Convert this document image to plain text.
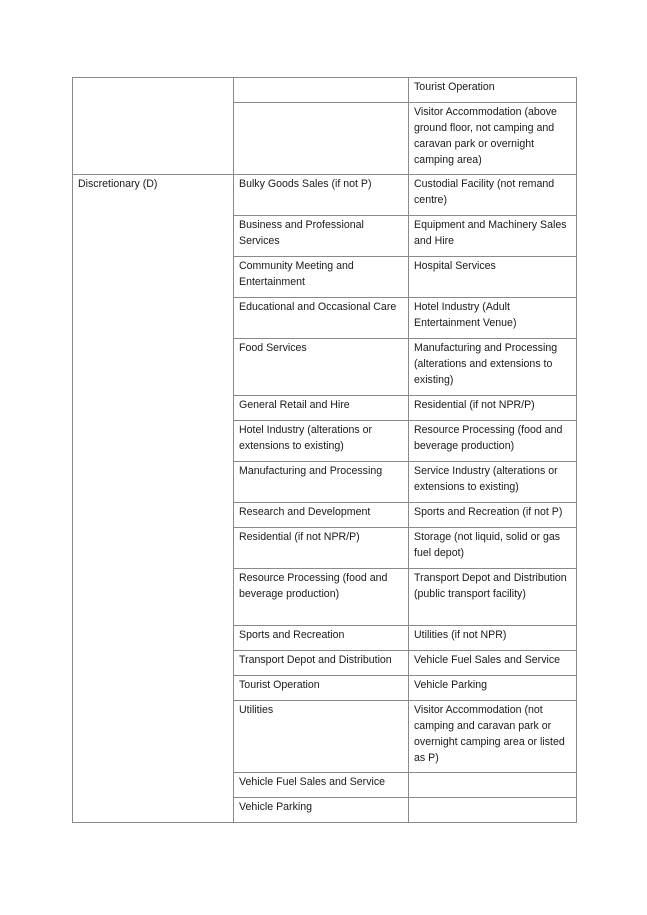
		Tourist Operation
		Visitor Accommodation (above ground floor, not camping and caravan park or overnight camping area)
Discretionary (D)	Bulky Goods Sales (if not P)	Custodial Facility (not remand centre)
	Business and Professional Services	Equipment and Machinery Sales and Hire
	Community Meeting and Entertainment	Hospital Services
	Educational and Occasional Care	Hotel Industry (Adult Entertainment Venue)
	Food Services	Manufacturing and Processing (alterations and extensions to existing)
	General Retail and Hire	Residential (if not NPR/P)
	Hotel Industry (alterations or extensions to existing)	Resource Processing (food and beverage production)
	Manufacturing and Processing	Service Industry (alterations or extensions to existing)
	Research and Development	Sports and Recreation (if not P)
	Residential (if not NPR/P)	Storage (not liquid, solid or gas fuel depot)
	Resource Processing (food and beverage production)	Transport Depot and Distribution (public transport facility)
	Sports and Recreation	Utilities (if not NPR)
	Transport Depot and Distribution	Vehicle Fuel Sales and Service
	Tourist Operation	Vehicle Parking
	Utilities	Visitor Accommodation (not camping and caravan park or overnight camping area or listed as P)
	Vehicle Fuel Sales and Service	
	Vehicle Parking	
